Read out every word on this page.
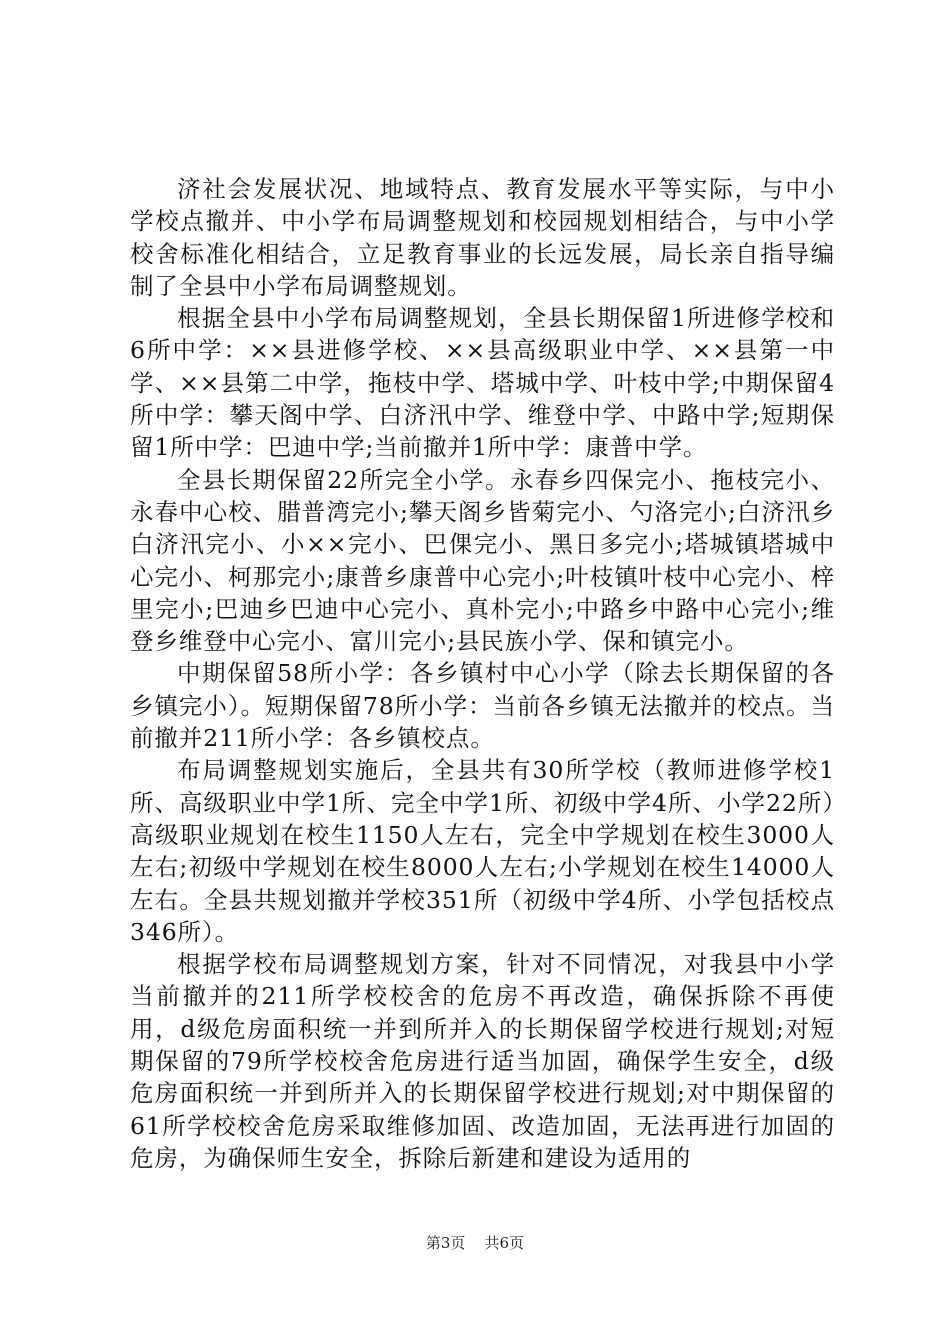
济社会发展状况、地域特点、教育发展水平等实际，与中小学校点撤并、中小学布局调整规划和校园规划相结合，与中小学校舍标准化相结合，立足教育事业的长远发展，局长亲自指导编制了全县中小学布局调整规划。

根据全县中小学布局调整规划，全县长期保留1所进修学校和6所中学：××县进修学校、××县高级职业中学、××县第一中学、××县第二中学，拖枝中学、塔城中学、叶枝中学;中期保留4所中学：攀天阁中学、白济汛中学、维登中学、中路中学;短期保留1所中学：巴迪中学;当前撤并1所中学：康普中学。

全县长期保留22所完全小学。永春乡四保完小、拖枝完小、永春中心校、腊普湾完小;攀天阁乡皆菊完小、勺洛完小;白济汛乡白济汛完小、小××完小、巴倮完小、黑日多完小;塔城镇塔城中心完小、柯那完小;康普乡康普中心完小;叶枝镇叶枝中心完小、梓里完小;巴迪乡巴迪中心完小、真朴完小;中路乡中路中心完小;维登乡维登中心完小、富川完小;县民族小学、保和镇完小。

中期保留58所小学：各乡镇村中心小学（除去长期保留的各乡镇完小）。短期保留78所小学：当前各乡镇无法撤并的校点。当前撤并211所小学：各乡镇校点。

布局调整规划实施后，全县共有30所学校（教师进修学校1所、高级职业中学1所、完全中学1所、初级中学4所、小学22所）高级职业规划在校生1150人左右，完全中学规划在校生3000人左右;初级中学规划在校生8000人左右;小学规划在校生14000人左右。全县共规划撤并学校351所（初级中学4所、小学包括校点346所）。

根据学校布局调整规划方案，针对不同情况，对我县中小学当前撤并的211所学校校舍的危房不再改造，确保拆除不再使用，d级危房面积统一并到所并入的长期保留学校进行规划;对短期保留的79所学校校舍危房进行适当加固，确保学生安全，d级危房面积统一并到所并入的长期保留学校进行规划;对中期保留的61所学校校舍危房采取维修加固、改造加固，无法再进行加固的危房，为确保师生安全，拆除后新建和建设为适用的

第3页 共6页
